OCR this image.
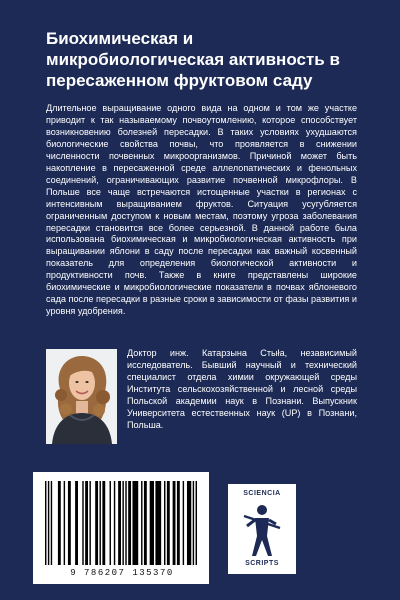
Биохимическая и микробиологическая активность в пересаженном фруктовом саду

Длительное выращивание одного вида на одном и том же участке приводит к так называемому почвоутомлению, которое способствует возникновению болезней пересадки. В таких условиях ухудшаются биологические свойства почвы, что проявляется в снижении численности почвенных микроорганизмов. Причиной может быть накопление в пересаженной среде аллелопатических и фенольных соединений, ограничивающих развитие почвенной микрофлоры. В Польше все чаще встречаются истощенные участки в регионах с интенсивным выращиванием фруктов. Ситуация усугубляется ограниченным доступом к новым местам, поэтому угроза заболевания пересадки становится все более серьезной. В данной работе была использована биохимическая и микробиологическая активность при выращивании яблони в саду после пересадки как важный косвенный показатель для определения биологической активности и продуктивности почв. Также в книге представлены широкие биохимические и микробиологические показатели в почвах яблоневого сада после пересадки в разные сроки в зависимости от фазы развития и уровня удобрения.

Доктор инж. Катарзына Стыła, независимый исследователь. Бывший научный и технический специалист отдела химии окружающей среды Института сельскохозяйственной и лесной среды Польской академии наук в Познани. Выпускник Университета естественных наук (UP) в Познани, Польша.

9 786207 135370
SCIENCIA
SCRIPTS
